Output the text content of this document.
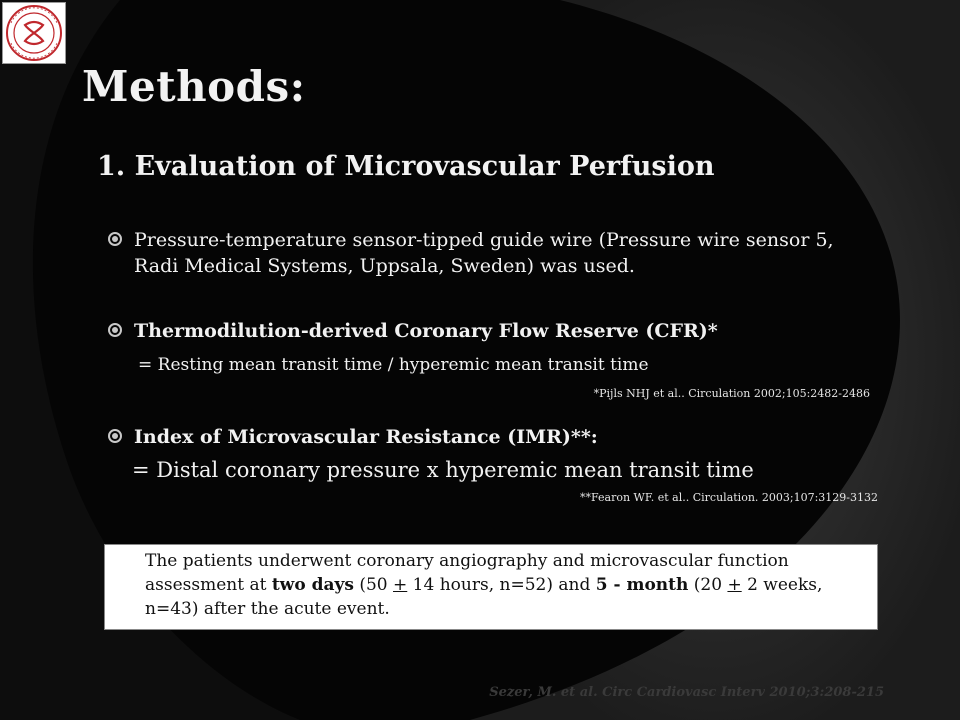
Methods:
1. Evaluation of Microvascular Perfusion
Pressure-temperature sensor-tipped guide wire (Pressure wire sensor 5, Radi Medical Systems, Uppsala, Sweden) was used.
Thermodilution-derived Coronary Flow Reserve (CFR)*

= Resting mean transit time / hyperemic mean transit time

*Pijls NHJ et al.. Circulation 2002;105:2482-2486

Index of Microvascular Resistance (IMR)**:

= Distal coronary pressure x hyperemic mean transit time

**Fearon WF. et al.. Circulation. 2003;107:3129-3132

The patients underwent coronary angiography and microvascular function assessment at two days (50 + 14 hours, n=52) and 5 - month (20 + 2 weeks, n=43) after the acute event.

Sezer, M. et al. Circ Cardiovasc Interv 2010;3:208-215
